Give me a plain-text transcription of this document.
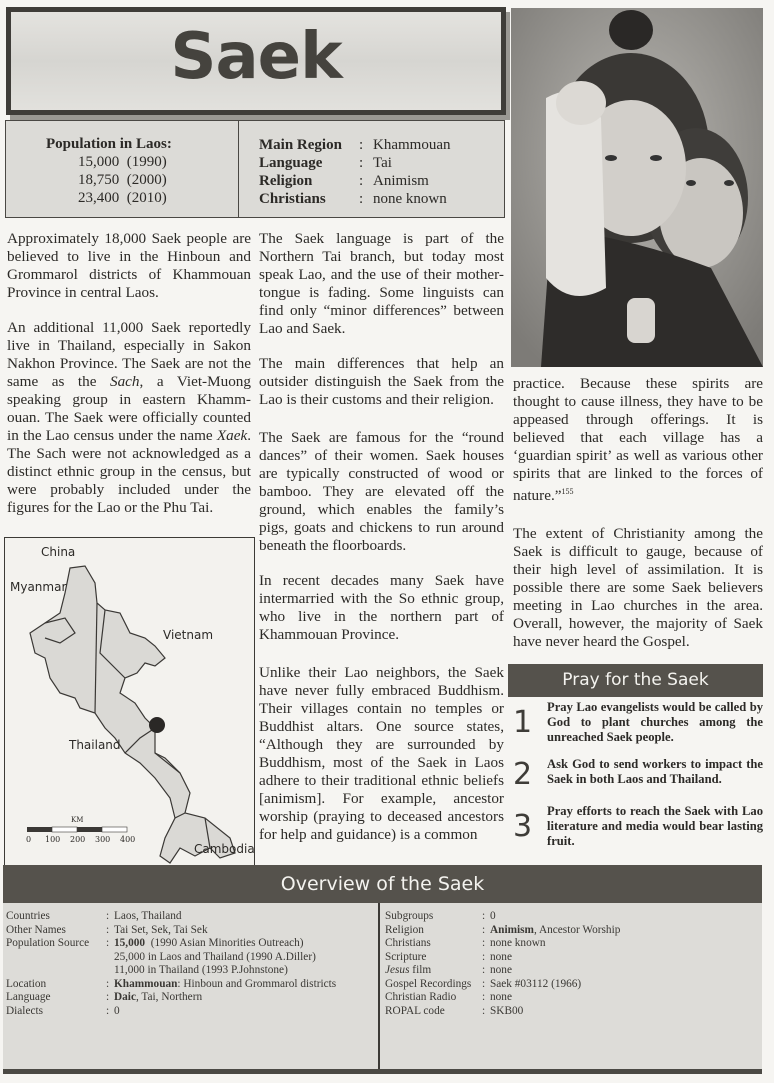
Saek
Population in Laos:
15,000 (1990)
18,750 (2000)
23,400 (2010)
Main Region	: Khammouan
Language	: Tai
Religion	: Animism
Christians	: none known

Approximately 18,000 Saek people are believed to live in the Hinboun and Grommarol districts of Khammouan Province in central Laos.

An additional 11,000 Saek reportedly live in Thailand, especially in Sakon Nakhon Province. The Saek are not the same as the Sach, a Viet-Muong speaking group in eastern Khamm-ouan. The Saek were officially counted in the Lao census under the name Xaek. The Sach were not acknowledged as a distinct ethnic group in the census, but were probably included under the figures for the Lao or the Phu Tai.

China
Myanmar
Vietnam
Thailand
Cambodia
KM
0 100 200 300 400

The Saek language is part of the Northern Tai branch, but today most speak Lao, and the use of their mother-tongue is fading. Some linguists can find only “minor differences” between Lao and Saek.

The main differences that help an outsider distinguish the Saek from the Lao is their customs and their religion.

The Saek are famous for the “round dances” of their women. Saek houses are typically constructed of wood or bamboo. They are elevated off the ground, which enables the family’s pigs, goats and chickens to run around beneath the floorboards.

In recent decades many Saek have intermarried with the So ethnic group, who live in the northern part of Khammouan Province.

Unlike their Lao neighbors, the Saek have never fully embraced Buddhism. Their villages contain no temples or Buddhist altars. One source states, “Although they are surrounded by Buddhism, most of the Saek in Laos adhere to their traditional ethnic beliefs [animism]. For example, ancestor worship (praying to deceased ancestors for help and guidance) is a common

practice. Because these spirits are thought to cause illness, they have to be appeased through offerings. It is believed that each village has a ‘guardian spirit’ as well as various other spirits that are linked to the forces of nature.”$^{155}$

The extent of Christianity among the Saek is difficult to gauge, because of their high level of assimilation. It is possible there are some Saek believers meeting in Lao churches in the area. Overall, however, the majority of Saek have never heard the Gospel.

Pray for the Saek
1	Pray Lao evangelists would be called by God to plant churches among the unreached Saek people.
2	Ask God to send workers to impact the Saek in both Laos and Thailand.
3	Pray efforts to reach the Saek with Lao literature and media would bear lasting fruit.
Overview of the Saek
Countries	: Laos, Thailand
Other Names	: Tai Set, Sek, Tai Sek
Population Source	: 15,000 (1990 Asian Minorities Outreach)
25,000 in Laos and Thailand (1990 A.Diller)
11,000 in Thailand (1993 P.Johnstone)
Location	: Khammouan: Hinboun and Grommarol districts
Language	: Daic, Tai, Northern
Dialects	: 0
Subgroups	: 0
Religion	: Animism, Ancestor Worship
Christians	: none known
Scripture	: none
Jesus film	: none
Gospel Recordings : Saek #03112 (1966)
Christian Radio	: none
ROPAL code	: SKB00
